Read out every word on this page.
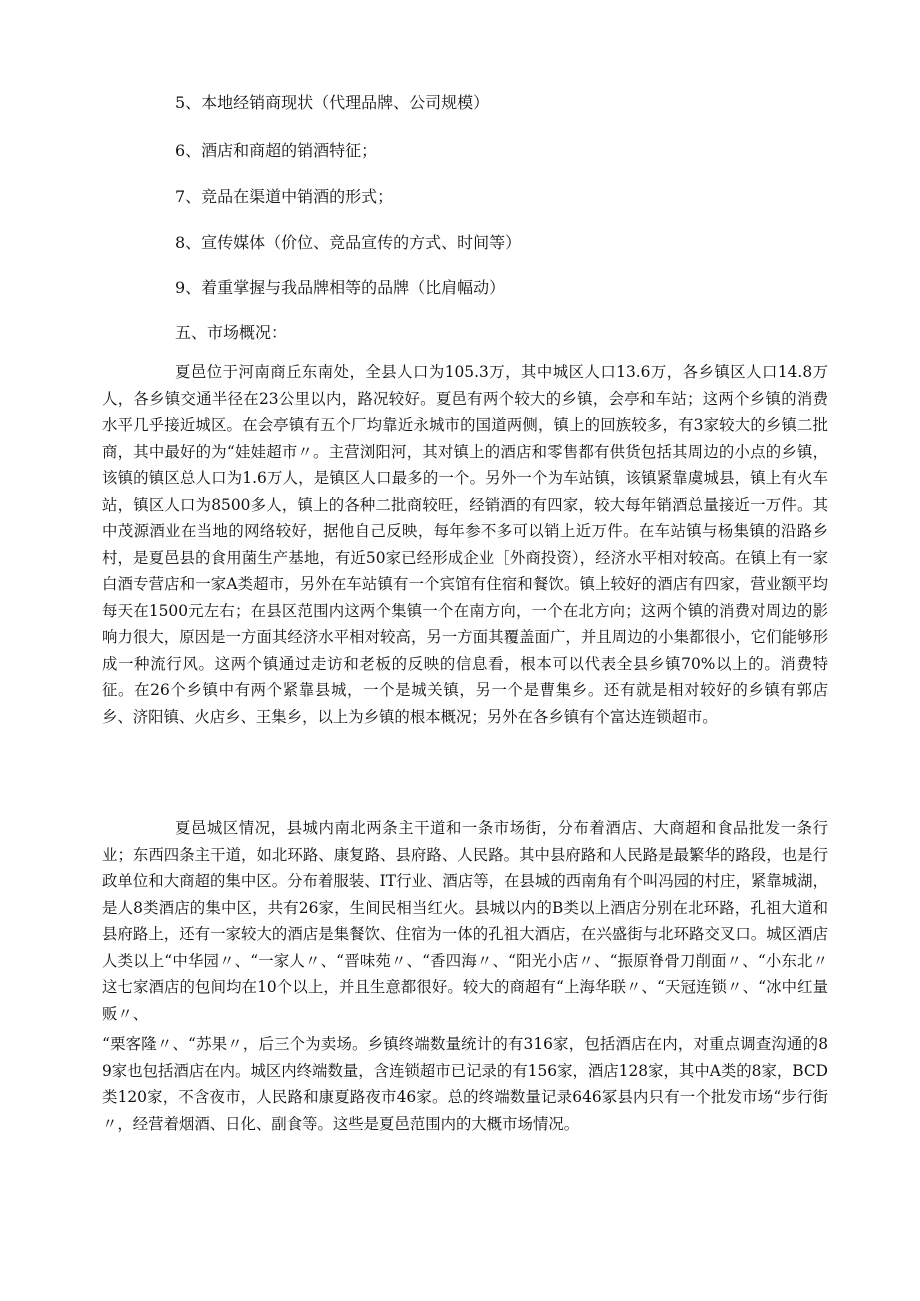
5、本地经销商现状（代理品牌、公司规模）
6、酒店和商超的销酒特征；
7、竞品在渠道中销酒的形式；
8、宣传媒体（价位、竞品宣传的方式、时间等）
9、着重掌握与我品牌相等的品牌（比肩幅动）
五、市场概况：

夏邑位于河南商丘东南处，全县人口为105.3万，其中城区人口13.6万，各乡镇区人口14.8万人，各乡镇交通半径在23公里以内，路况较好。夏邑有两个较大的乡镇，会亭和车站；这两个乡镇的消费水平几乎接近城区。在会亭镇有五个厂均靠近永城市的国道两侧，镇上的回族较多，有3家较大的乡镇二批商，其中最好的为“娃娃超市〃。主营浏阳河，其对镇上的酒店和零售都有供货包括其周边的小点的乡镇，该镇的镇区总人口为1.6万人，是镇区人口最多的一个。另外一个为车站镇，该镇紧靠虞城县，镇上有火车站，镇区人口为8500多人，镇上的各种二批商较旺，经销酒的有四家，较大每年销酒总量接近一万件。其中茂源酒业在当地的网络较好，据他自己反映，每年参不多可以销上近万件。在车站镇与杨集镇的沿路乡村，是夏邑县的食用菌生产基地，有近50家已经形成企业［外商投资），经济水平相对较高。在镇上有一家白酒专营店和一家A类超市，另外在车站镇有一个宾馆有住宿和餐饮。镇上较好的酒店有四家，营业额平均每天在1500元左右；在县区范围内这两个集镇一个在南方向，一个在北方向；这两个镇的消费对周边的影响力很大，原因是一方面其经济水平相对较高，另一方面其覆盖面广，并且周边的小集都很小，它们能够形成一种流行风。这两个镇通过走访和老板的反映的信息看，根本可以代表全县乡镇70%以上的。消费特征。在26个乡镇中有两个紧靠县城，一个是城关镇，另一个是曹集乡。还有就是相对较好的乡镇有郭店乡、济阳镇、火店乡、王集乡，以上为乡镇的根本概况；另外在各乡镇有个富达连锁超市。

夏邑城区情况，县城内南北两条主干道和一条市场街，分布着酒店、大商超和食品批发一条行业；东西四条主干道，如北环路、康复路、县府路、人民路。其中县府路和人民路是最繁华的路段，也是行政单位和大商超的集中区。分布着服装、IT行业、酒店等，在县城的西南角有个叫冯园的村庄，紧靠城湖，是人8类酒店的集中区，共有26家，生间民相当红火。县城以内的B类以上酒店分别在北环路，孔祖大道和县府路上，还有一家较大的酒店是集餐饮、住宿为一体的孔祖大酒店，在兴盛街与北环路交叉口。城区酒店人类以上“中华园〃、“一家人〃、“晋味苑〃、“香四海〃、“阳光小店〃、“振原脊骨刀削面〃、“小东北〃这七家酒店的包间均在10个以上，并且生意都很好。较大的商超有“上海华联〃、“天冠连锁〃、“冰中红量贩〃、

“栗客隆〃、“苏果〃，后三个为卖场。乡镇终端数量统计的有316家，包括酒店在内，对重点调查沟通的89家也包括酒店在内。城区内终端数量，含连锁超市已记录的有156家，酒店128家，其中A类的8家，BCD类120家，不含夜市，人民路和康夏路夜市46家。总的终端数量记录646冢县内只有一个批发市场“步行街〃，经营着烟酒、日化、副食等。这些是夏邑范围内的大概市场情况。
